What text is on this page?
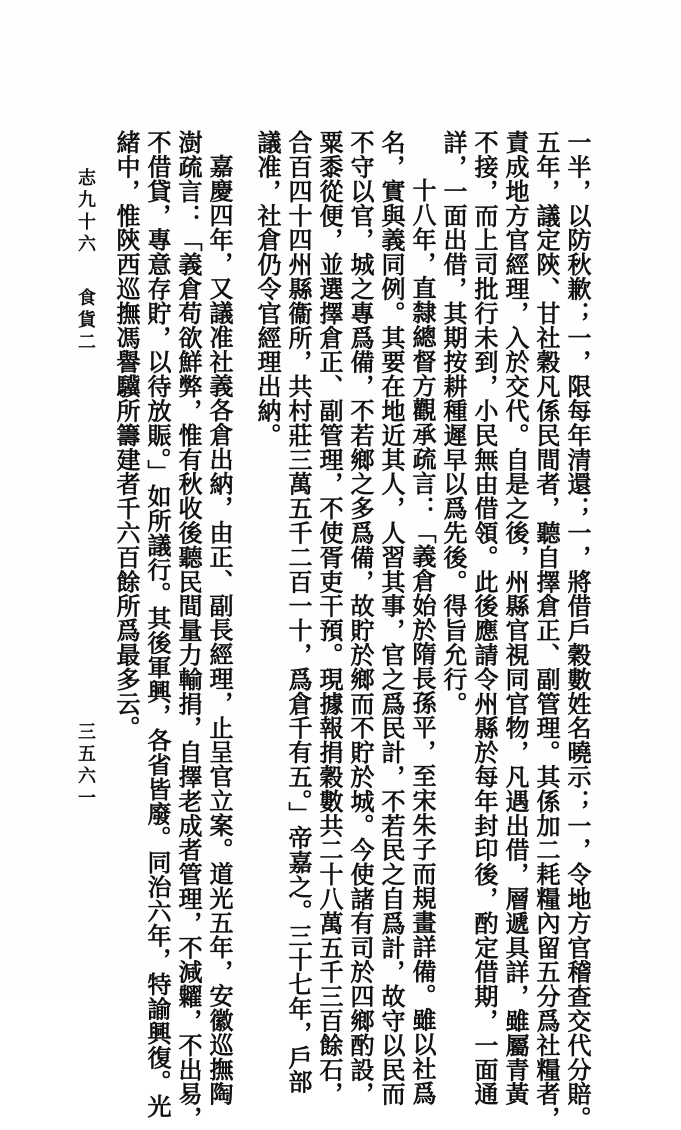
一半，以防秋歉；一，限每年清還；一，將借戶穀數姓名曉示；一，令地方官稽查交代分賠。
五年，議定陝、甘社穀凡係民間者，聽自擇倉正、副管理。其係加二耗糧內留五分爲社糧者，
責成地方官經理，入於交代。自是之後，州縣官視同官物，凡遇出借，層遞具詳，雖屬青黃
不接，而上司批行未到，小民無由借領。此後應請令州縣於每年封印後，酌定借期，一面通
詳，一面出借，其期按耕種遲早以爲先後。得旨允行。
十八年，直隸總督方觀承疏言：「義倉始於隋長孫平，至宋朱子而規畫詳備。雖以社爲
名，實與義同例。其要在地近其人，人習其事，官之爲民計，不若民之自爲計，故守以民而
不守以官，城之專爲備，不若鄉之多爲備，故貯於鄉而不貯於城。今使諸有司於四鄉酌設，
粟黍從便，並選擇倉正、副管理，不使胥吏干預。現據報捐穀數共二十八萬五千三百餘石，
合百四十四州縣衞所，共村莊三萬五千二百一十，爲倉千有五。」帝嘉之。三十七年，戶部
議准，社倉仍令官經理出納。
嘉慶四年，又議准社義各倉出納，由正、副長經理，止呈官立案。道光五年，安徽巡撫陶
澍疏言：「義倉苟欲鮮弊，惟有秋收後聽民間量力輸捐，自擇老成者管理，不減糶，不出易，
不借貸，專意存貯，以待放賑。」如所議行。其後軍興，各省皆廢。同治六年，特諭興復。光
緒中，惟陝西巡撫馮譽驥所籌建者千六百餘所爲最多云。
志九十六
食貨二
三五六一
